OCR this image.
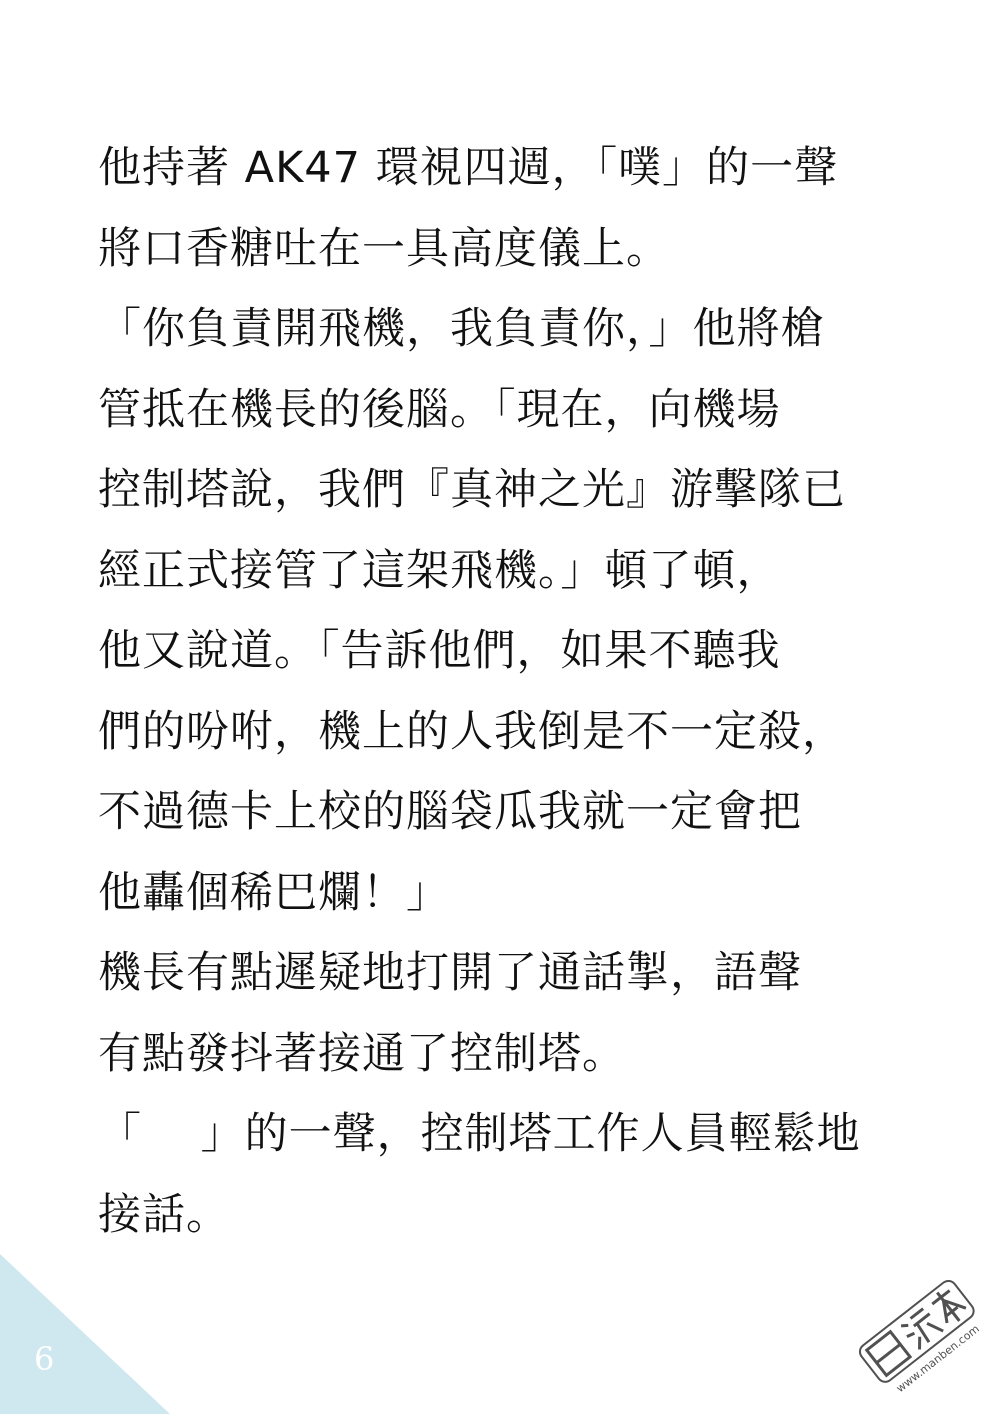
他持著 AK47 環視四週，「噗」的一聲
將口香糖吐在一具高度儀上。
「你負責開飛機，我負責你，」他將槍
管抵在機長的後腦。「現在，向機場
控制塔說，我們『真神之光』游擊隊已
經正式接管了這架飛機。」頓了頓，
他又說道。「告訴他們，如果不聽我
們的吩咐，機上的人我倒是不一定殺，
不過德卡上校的腦袋瓜我就一定會把
他轟個稀巴爛！」
機長有點遲疑地打開了通話掣，語聲
有點發抖著接通了控制塔。
「　 」的一聲，控制塔工作人員輕鬆地
接話。
6	www.manben.com
